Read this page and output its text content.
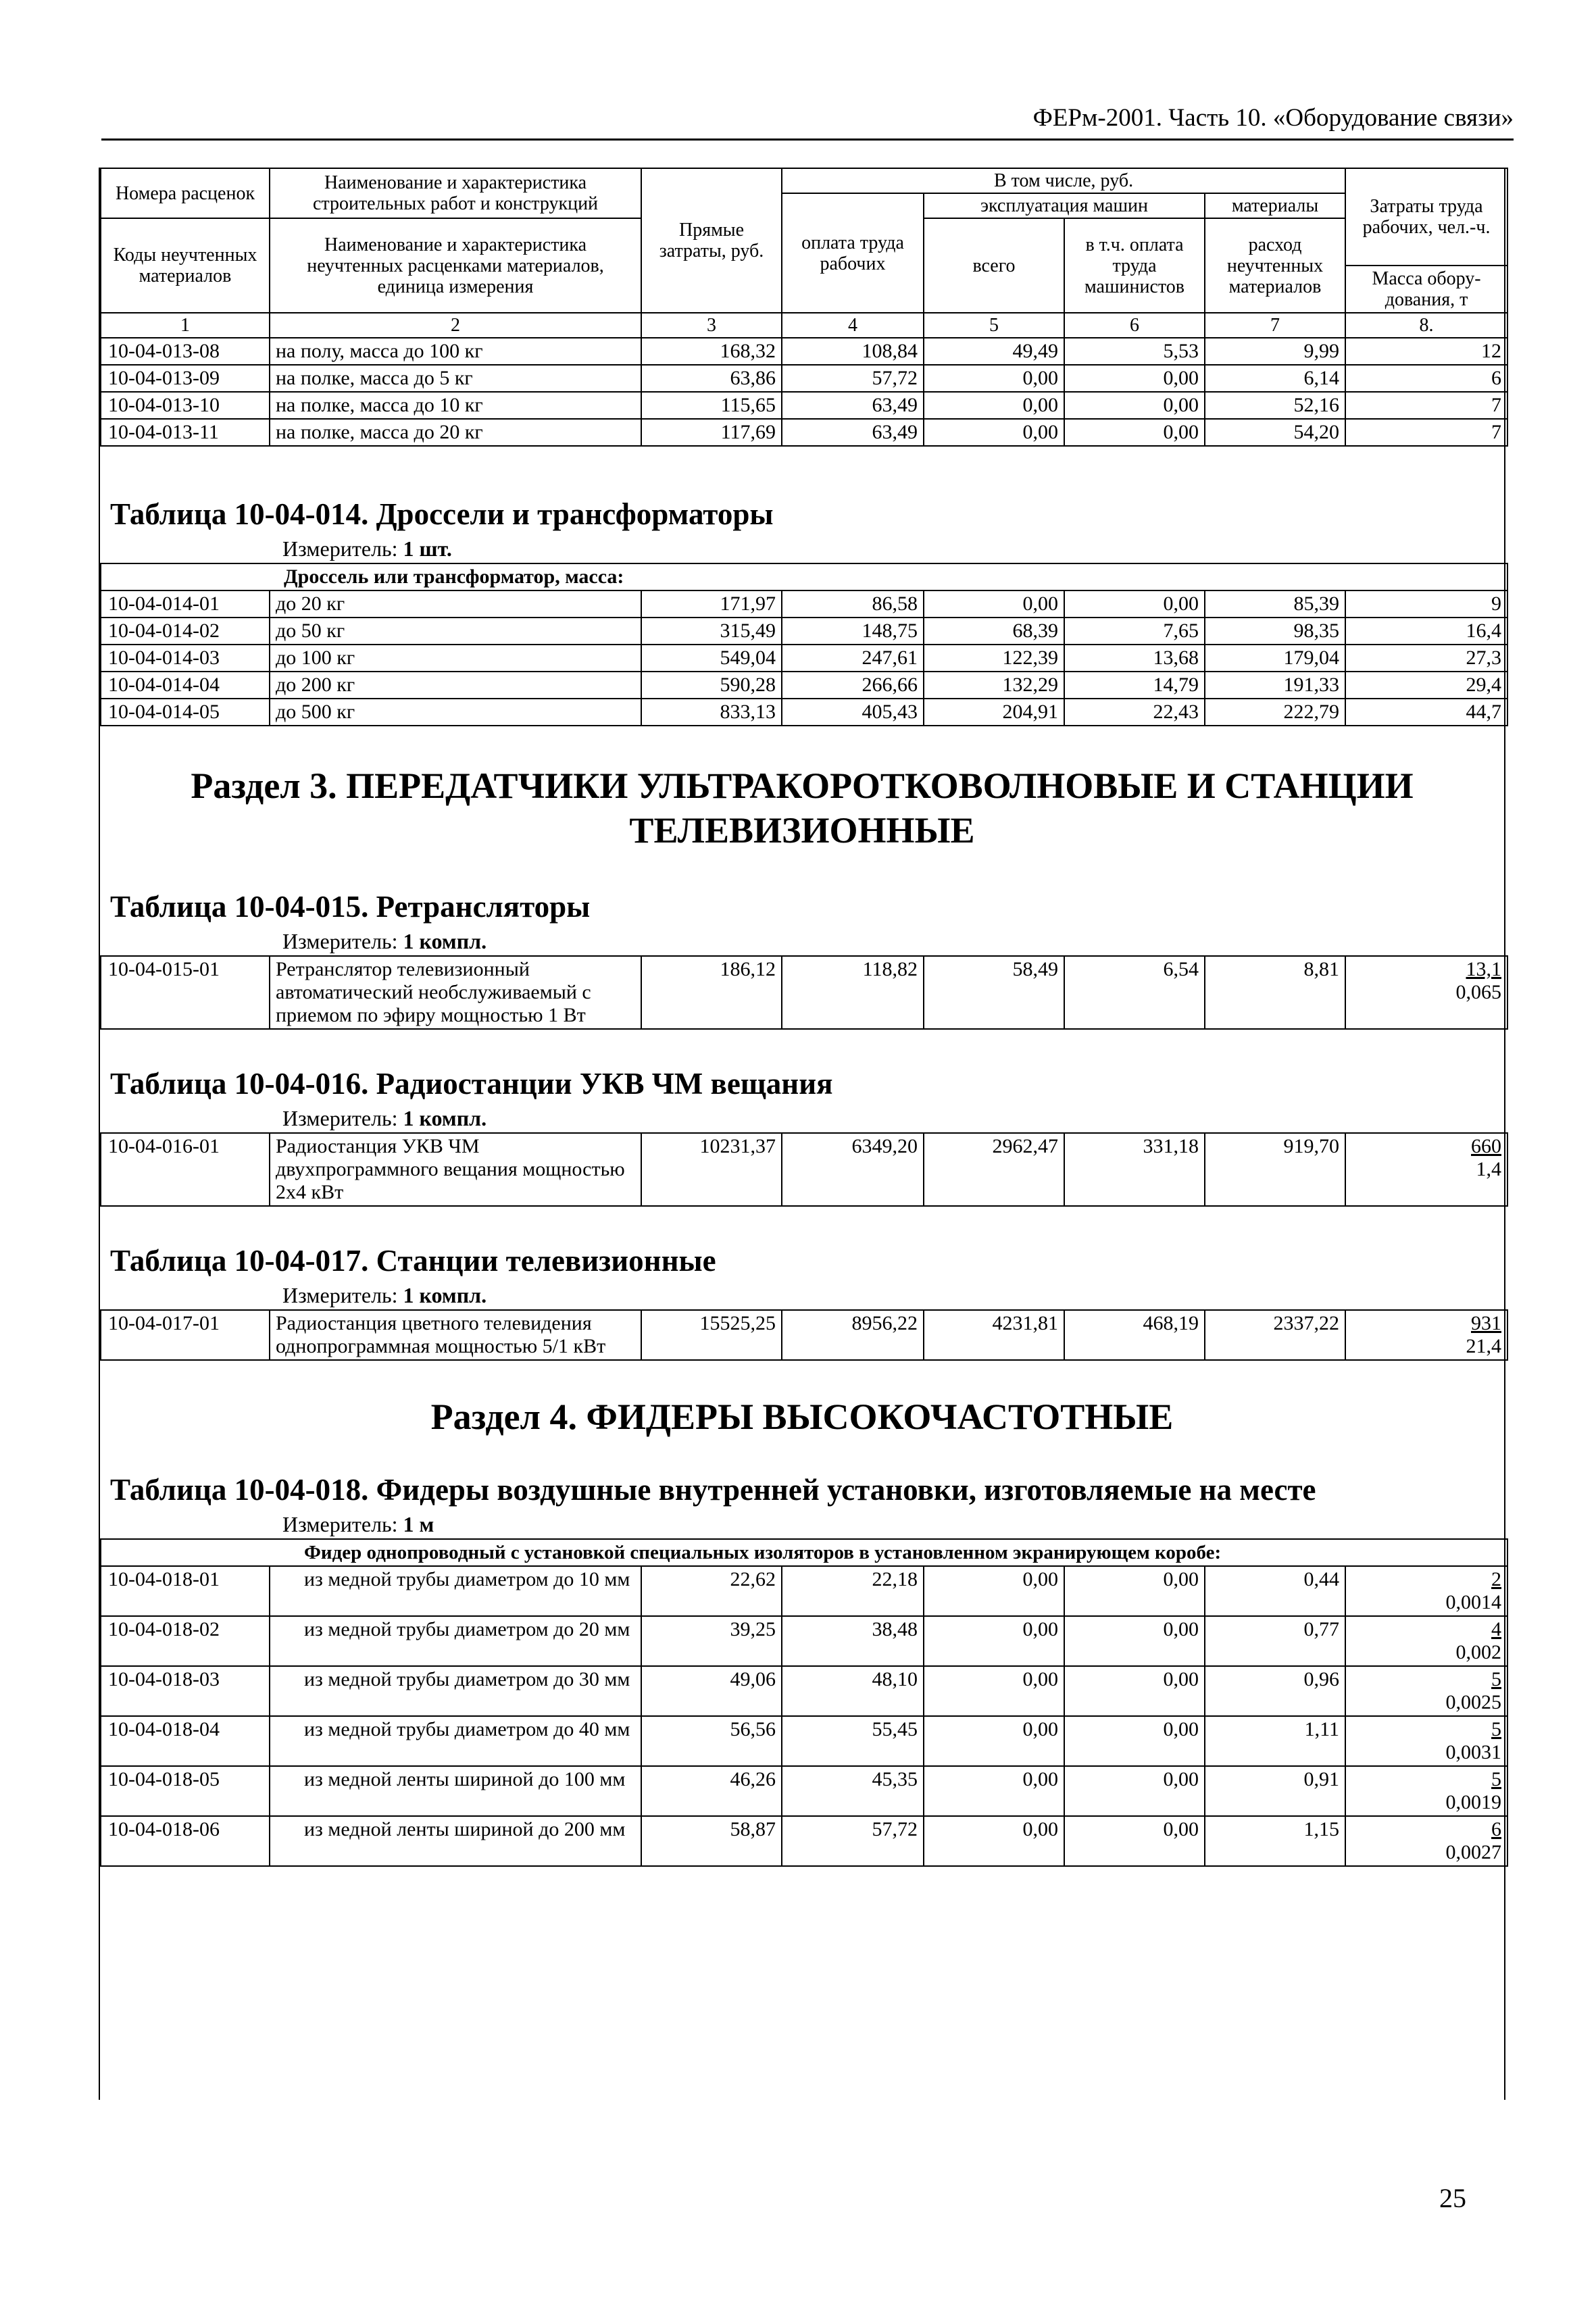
ФЕРм-2001. Часть 10. «Оборудование связи»
Номера расценок	Наименование и характеристика строительных работ и конструкций	Прямые затраты, руб.	В том числе, руб.				Затраты труда рабочих, чел.-ч.
			оплата труда рабочих	эксплуатация машин		материалы	
Коды неучтенных материалов	Наименование и характеристика неучтенных расценками материалов, единица измерения			всего	в т.ч. оплата труда машинистов	расход неучтенных материалов	
							Масса обору-дования, т
1	2	3	4	5	6	7	8.
10-04-013-08	на полу, масса до 100 кг	168,32	108,84	49,49	5,53	9,99	12
10-04-013-09	на полке, масса до 5 кг	63,86	57,72	0,00	0,00	6,14	6
10-04-013-10	на полке, масса до 10 кг	115,65	63,49	0,00	0,00	52,16	7
10-04-013-11	на полке, масса до 20 кг	117,69	63,49	0,00	0,00	54,20	7
Таблица 10-04-014. Дроссели и трансформаторы
Измеритель: 1 шт.
Дроссель или трансформатор, масса:							
10-04-014-01	до 20 кг	171,97	86,58	0,00	0,00	85,39	9
10-04-014-02	до 50 кг	315,49	148,75	68,39	7,65	98,35	16,4
10-04-014-03	до 100 кг	549,04	247,61	122,39	13,68	179,04	27,3
10-04-014-04	до 200 кг	590,28	266,66	132,29	14,79	191,33	29,4
10-04-014-05	до 500 кг	833,13	405,43	204,91	22,43	222,79	44,7
Раздел 3. ПЕРЕДАТЧИКИ УЛЬТРАКОРОТКОВОЛНОВЫЕ И СТАНЦИИ
ТЕЛЕВИЗИОННЫЕ
Таблица 10-04-015. Ретрансляторы
Измеритель: 1 компл.
10-04-015-01	Ретранслятор телевизионный автоматический необслуживаемый с приемом по эфиру мощностью 1 Вт	186,12	118,82	58,49	6,54	8,81	$\frac{13,1}{0,065}$
Таблица 10-04-016. Радиостанции УКВ ЧМ вещания
Измеритель: 1 компл.
10-04-016-01	Радиостанция УКВ ЧМ двухпрограммного вещания мощностью 2х4 кВт	10231,37	6349,20	2962,47	331,18	919,70	$\frac{660}{1,4}$
Таблица 10-04-017. Станции телевизионные
Измеритель: 1 компл.
10-04-017-01	Радиостанция цветного телевидения однопрограммная мощностью 5/1 кВт	15525,25	8956,22	4231,81	468,19	2337,22	$\frac{931}{21,4}$
Раздел 4. ФИДЕРЫ ВЫСОКОЧАСТОТНЫЕ
Таблица 10-04-018. Фидеры воздушные внутренней установки, изготовляемые на месте
Измеритель: 1 м
Фидер однопроводный с установкой специальных изоляторов в установленном экранирующем коробе:							
10-04-018-01	из медной трубы диаметром до 10 мм	22,62	22,18	0,00	0,00	0,44	$\frac{2}{0,0014}$

10-04-018-02	из медной трубы диаметром до 20 мм	39,25	38,48	0,00	0,00	0,77	$\frac{4}{0,002}$

10-04-018-03	из медной трубы диаметром до 30 мм	49,06	48,10	0,00	0,00	0,96	$\frac{5}{0,0025}$

10-04-018-04	из медной трубы диаметром до 40 мм	56,56	55,45	0,00	0,00	1,11	$\frac{5}{0,0031}$

10-04-018-05	из медной ленты шириной до 100 мм	46,26	45,35	0,00	0,00	0,91	$\frac{5}{0,0019}$

10-04-018-06	из медной ленты шириной до 200 мм	58,87	57,72	0,00	0,00	1,15	$\frac{6}{0,0027}$
25
